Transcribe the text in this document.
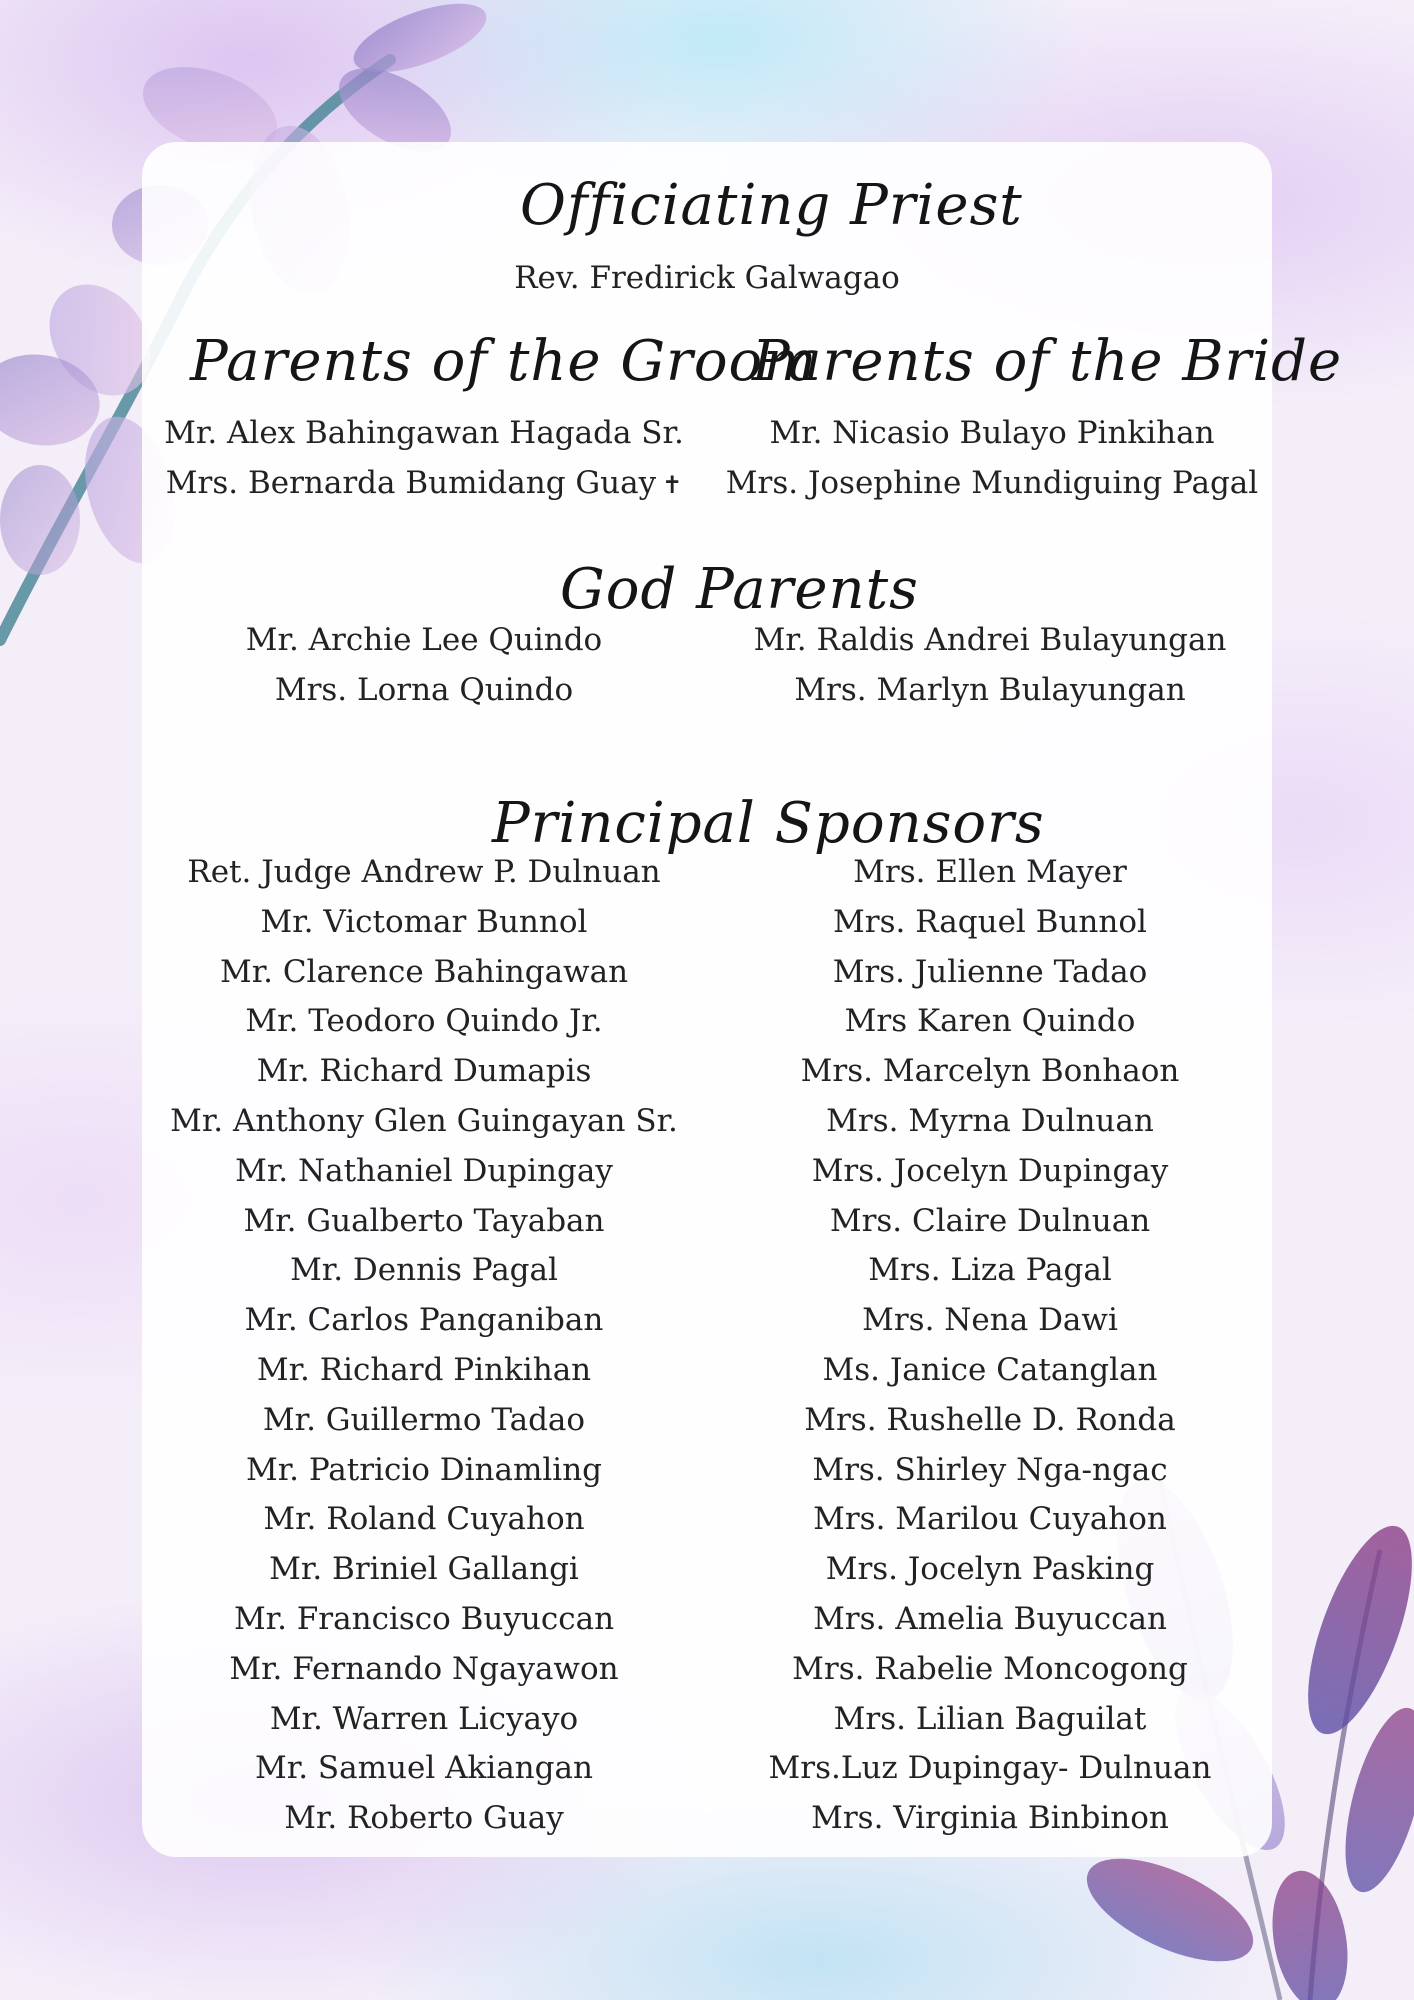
Officiating Priest

Rev. Fredirick Galwagao

Parents of the Groom
Parents of the Bride

Mr. Alex Bahingawan Hagada Sr.

Mrs. Bernarda Bumidang Guay ✝

Mr. Nicasio Bulayo Pinkihan

Mrs. Josephine Mundiguing Pagal

God Parents

Mr. Archie Lee Quindo

Mrs. Lorna Quindo

Mr. Raldis Andrei Bulayungan

Mrs. Marlyn Bulayungan

Principal Sponsors
Ret. Judge Andrew P. Dulnuan
Mr. Victomar Bunnol
Mr. Clarence Bahingawan
Mr. Teodoro Quindo Jr.
Mr. Richard Dumapis
Mr. Anthony Glen Guingayan Sr.
Mr. Nathaniel Dupingay
Mr. Gualberto Tayaban
Mr. Dennis Pagal
Mr. Carlos Panganiban
Mr. Richard Pinkihan
Mr. Guillermo Tadao
Mr. Patricio Dinamling
Mr. Roland Cuyahon
Mr. Briniel Gallangi
Mr. Francisco Buyuccan
Mr. Fernando Ngayawon
Mr. Warren Licyayo
Mr. Samuel Akiangan
Mr. Roberto Guay
Mrs. Ellen Mayer
Mrs. Raquel Bunnol
Mrs. Julienne Tadao
Mrs Karen Quindo
Mrs. Marcelyn Bonhaon
Mrs. Myrna Dulnuan
Mrs. Jocelyn Dupingay
Mrs. Claire Dulnuan
Mrs. Liza Pagal
Mrs. Nena Dawi
Ms. Janice Catanglan
Mrs. Rushelle D. Ronda
Mrs. Shirley Nga-ngac
Mrs. Marilou Cuyahon
Mrs. Jocelyn Pasking
Mrs. Amelia Buyuccan
Mrs. Rabelie Moncogong
Mrs. Lilian Baguilat
Mrs.Luz Dupingay- Dulnuan
Mrs. Virginia Binbinon
